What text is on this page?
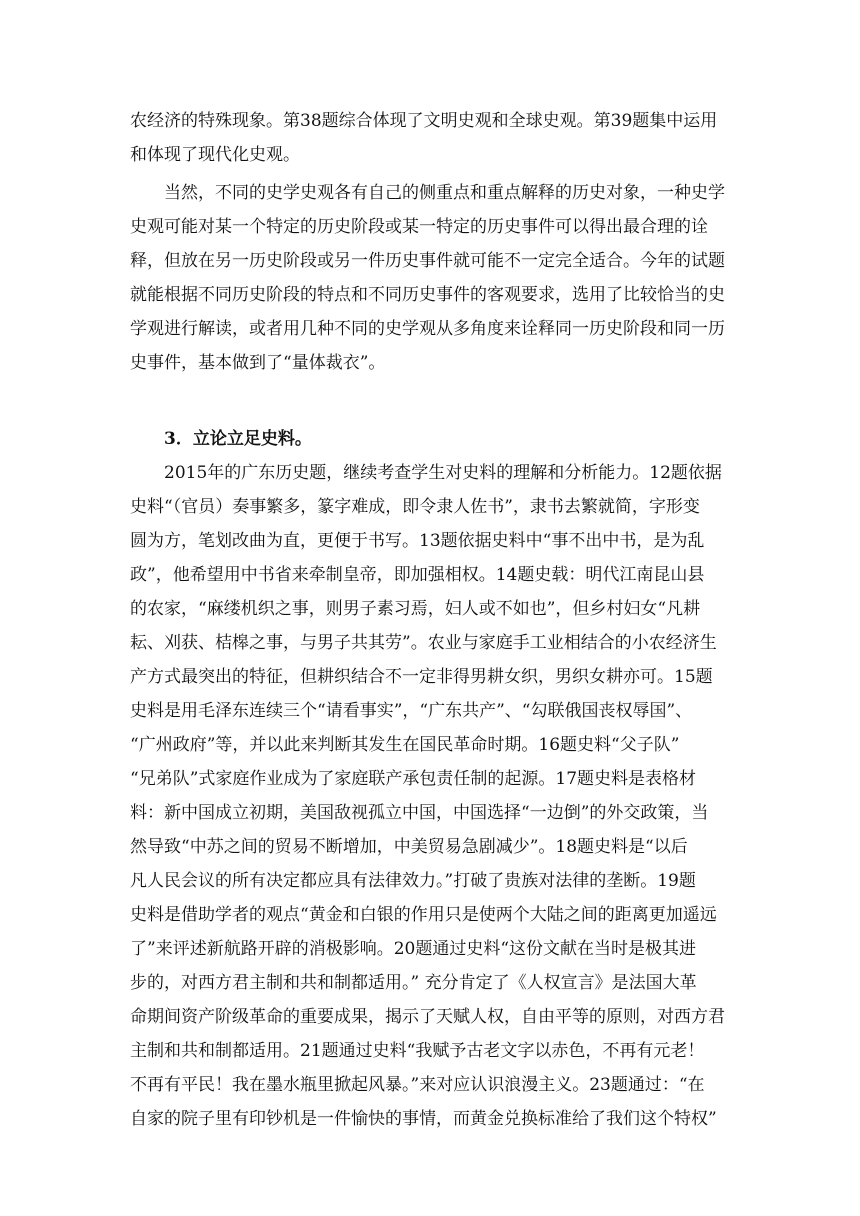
农经济的特殊现象。第38题综合体现了文明史观和全球史观。第39题集中运用
和体现了现代化史观。
当然，不同的史学史观各有自己的侧重点和重点解释的历史对象，一种史学
史观可能对某一个特定的历史阶段或某一特定的历史事件可以得出最合理的诠
释，但放在另一历史阶段或另一件历史事件就可能不一定完全适合。今年的试题
就能根据不同历史阶段的特点和不同历史事件的客观要求，选用了比较恰当的史
学观进行解读，或者用几种不同的史学观从多角度来诠释同一历史阶段和同一历
史事件，基本做到了“量体裁衣”。
3．立论立足史料。
2015年的广东历史题，继续考查学生对史料的理解和分析能力。12题依据
史料“（官员）奏事繁多，篆字难成，即令隶人佐书”，隶书去繁就简，字形变
圆为方，笔划改曲为直，更便于书写。13题依据史料中“事不出中书，是为乱
政”，他希望用中书省来牵制皇帝，即加强相权。14题史载：明代江南昆山县
的农家，“麻缕机织之事，则男子素习焉，妇人或不如也”，但乡村妇女“凡耕
耘、刈获、桔槔之事，与男子共其劳”。农业与家庭手工业相结合的小农经济生
产方式最突出的特征，但耕织结合不一定非得男耕女织，男织女耕亦可。15题
史料是用毛泽东连续三个“请看事实”，“广东共产”、“勾联俄国丧权辱国”、
“广州政府”等，并以此来判断其发生在国民革命时期。16题史料“父子队”
“兄弟队”式家庭作业成为了家庭联产承包责任制的起源。17题史料是表格材
料：新中国成立初期，美国敌视孤立中国，中国选择“一边倒”的外交政策，当
然导致“中苏之间的贸易不断增加，中美贸易急剧减少”。18题史料是“以后
凡人民会议的所有决定都应具有法律效力。”打破了贵族对法律的垄断。19题
史料是借助学者的观点“黄金和白银的作用只是使两个大陆之间的距离更加遥远
了”来评述新航路开辟的消极影响。20题通过史料“这份文献在当时是极其进
步的，对西方君主制和共和制都适用。” 充分肯定了《人权宣言》是法国大革
命期间资产阶级革命的重要成果，揭示了天赋人权，自由平等的原则，对西方君
主制和共和制都适用。21题通过史料“我赋予古老文字以赤色，不再有元老！
不再有平民！我在墨水瓶里掀起风暴。”来对应认识浪漫主义。23题通过：“在
自家的院子里有印钞机是一件愉快的事情，而黄金兑换标准给了我们这个特权”
